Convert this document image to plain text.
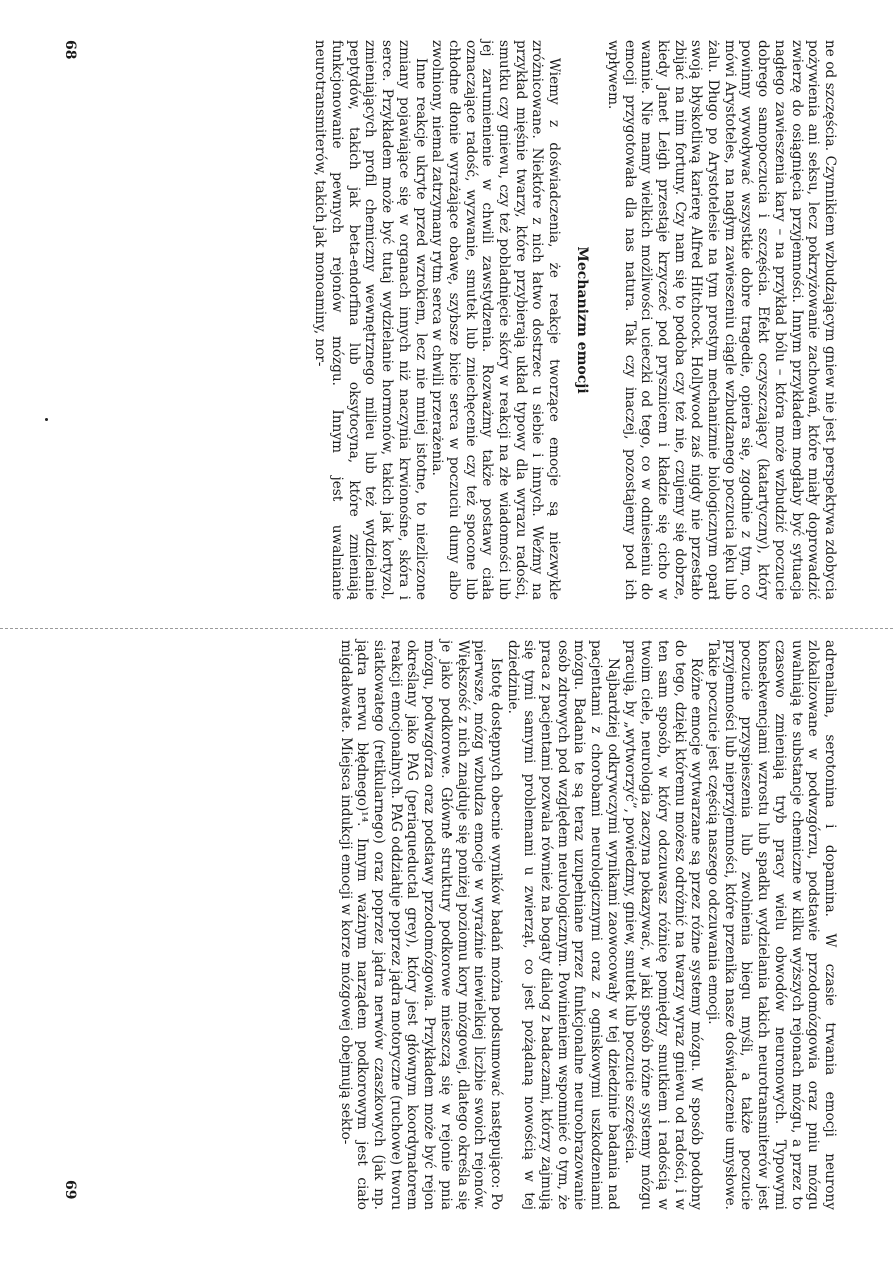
ne od szczęścia. Czynnikiem wzbudzającym gniew nie jest perspektywa zdobycia pożywienia ani seksu, lecz pokrzyżowanie zachowań, które miały doprowadzić zwierzę do osiągnięcia przyjemności. Innym przykładem mogłaby być sytuacja nagłego zawieszenia kary – na przykład bólu – która może wzbudzić poczucie dobrego samopoczucia i szczęścia. Efekt oczyszczający (katartyczny), który powinny wywoływać wszystkie dobre tragedie, opiera się, zgodnie z tym, co mówi Arystoteles, na nagłym zawieszeniu ciągle wzbudzanego poczucia lęku lub żalu. Długo po Arystotelesie na tym prostym mechanizmie biologicznym oparł swoją błyskotliwą karierę Alfred Hitchcock. Hollywood zaś nigdy nie przestało zbijać na nim fortuny. Czy nam się to podoba czy też nie, czujemy się dobrze, kiedy Janet Leigh przestaje krzyczeć pod prysznicem i kładzie się cicho w wannie. Nie mamy wielkich możliwości ucieczki od tego, co w odniesieniu do emocji przygotowała dla nas natura. Tak czy inaczej, pozostajemy pod ich wpływem.

Mechanizm emocji

Wiemy z doświadczenia, że reakcje tworzące emocje są niezwykle zróżnicowane. Niektóre z nich łatwo dostrzec u siebie i innych. Weźmy na przykład mięśnie twarzy, które przybierają układ typowy dla wyrazu radości, smutku czy gniewu, czy też pobladnięcie skóry w reakcji na złe wiadomości lub jej zarumienienie w chwili zawstydzenia. Rozważmy także postawy ciała oznaczające radość, wyzwanie, smutek lub zniechęcenie czy też spocone lub chłodne dłonie wyrażające obawę, szybsze bicie serca w poczuciu dumy albo zwolniony, niemal zatrzymany rytm serca w chwili przerażenia.

Inne reakcje ukryte przed wzrokiem, lecz nie mniej istotne, to niezliczone zmiany pojawiające się w organach innych niż naczynia krwionośne, skóra i serce. Przykładem może być tutaj wydzielanie hormonów, takich jak kortyzol, zmieniających profil chemiczny wewnętrznego milieu lub też wydzielanie peptydów, takich jak beta-endorfina lub oksytocyna, które zmieniają funkcjonowanie pewnych rejonów mózgu. Innym jest uwalnianie neurotransmiterów, takich jak monoaminy, nor-

68

adrenalina, serotonina i dopamina. W czasie trwania emocji neurony zlokalizowane w podwzgórzu, podstawie przodomózgowia oraz pniu mózgu uwalniają te substancje chemiczne w kilku wyższych rejonach mózgu, a przez to czasowo zmieniają tryb pracy wielu obwodów neuronowych. Typowymi konsekwencjami wzrostu lub spadku wydzielania takich neurotransmiterów jest poczucie przyspieszenia lub zwolnienia biegu myśli, a także poczucie przyjemności lub nieprzyjemności, które przenika nasze doświadczenie umysłowe. Takie poczucie jest częścią naszego odczuwania emocji.

Różne emocje wytwarzane są przez różne systemy mózgu. W sposób podobny do tego, dzięki któremu możesz odróżnić na twarzy wyraz gniewu od radości, i w ten sam sposób, w który odczuwasz różnicę pomiędzy smutkiem i radością w twoim ciele, neurologia zaczyna pokazywać, w jaki sposób różne systemy mózgu pracują, by „wytworzyć”, powiedzmy, gniew, smutek lub poczucie szczęścia.

Najbardziej odkrywczymi wynikami zaowocowały w tej dziedzinie badania nad pacjentami z chorobami neurologicznymi oraz z ogniskowymi uszkodzeniami mózgu. Badania te są teraz uzupełniane przez funkcjonalne neuroobrazowanie osób zdrowych pod względem neurologicznym. Powinieniem wspomnieć o tym, że praca z pacjentami pozwala również na bogaty dialog z badaczami, którzy zajmują się tymi samymi problemami u zwierząt, co jest pożądaną nowością w tej dziedzinie.

Istotę dostępnych obecnie wyników badań można podsumować następująco: Po pierwsze, mózg wzbudza emocje w wyraźnie niewielkiej liczbie swoich rejonów. Większość z nich znajduje się poniżej poziomu kory mózgowej, dlatego określa się je jako podkorowe. Główne struktury podkorowe mieszczą się w rejonie pnia mózgu, podwzgórza oraz podstawy przodomózgowia. Przykładem może być rejon określany jako PAG (periaqueductal grey), który jest głównym koordynatorem reakcji emocjonalnych. PAG oddziałuje poprzez jądra motoryczne (ruchowe) tworu siatkowatego (retikularnego) oraz poprzez jądra nerwów czaszkowych (jak np. jądra nerwu błędnego)¹⁴. Innym ważnym narządem podkorowym jest ciało migdałowate. Miejsca indukcji emocji w korze mózgowej obejmują sekto-

69
